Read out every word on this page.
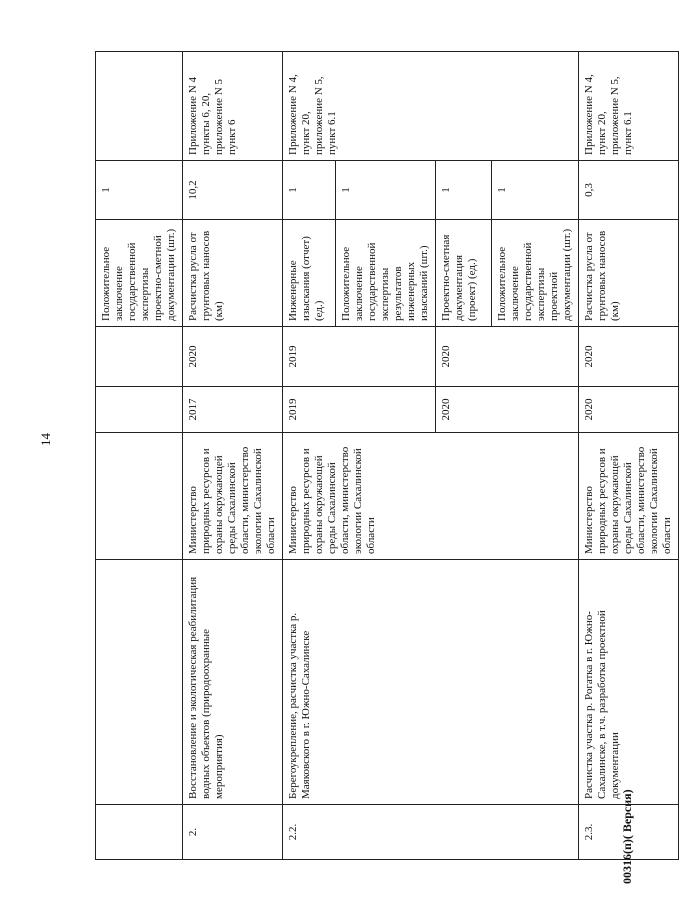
14
					Положительное заключение государственной экспертизы проектно-сметной документации (шт.)	1	
2.	Восстановление и экологическая реабилитация водных объектов (природоохранные мероприятия)	Министерство природных ресурсов и охраны окружающей среды Сахалинской области, министерство экологии Сахалинской области	2017	2020	Расчистка русла от грунтовых наносов (км)	10,2	Приложение N 4 пункты 6, 20, приложение N 5 пункт 6
2.2.	Берегоукрепление, расчистка участка р. Маяковского в г. Южно-Сахалинске	Министерство природных ресурсов и охраны окружающей среды Сахалинской области, министерство экологии Сахалинской области	2019	2019	Инженерные изыскания (отчет) (ед.)	1	Приложение N 4, пункт 20, приложение N 5, пункт 6.1
					Положительное заключение государственной экспертизы результатов инженерных изысканий (шт.)	1	
			2020	2020	Проектно-сметная документация (проект) (ед.)	1	
					Положительное заключение государственной экспертизы проектной документации (шт.)	1	
2.3.	Расчистка участка р. Рогатка в г. Южно-Сахалинске, в т.ч. разработка проектной документации	Министерство природных ресурсов и охраны окружающей среды Сахалинской области, министерство экологии Сахалинской области	2020	2020	Расчистка русла от грунтовых наносов (км)	0,3	Приложение N 4, пункт 20, приложение N 5, пункт 6.1
00316(п)( Версия)
